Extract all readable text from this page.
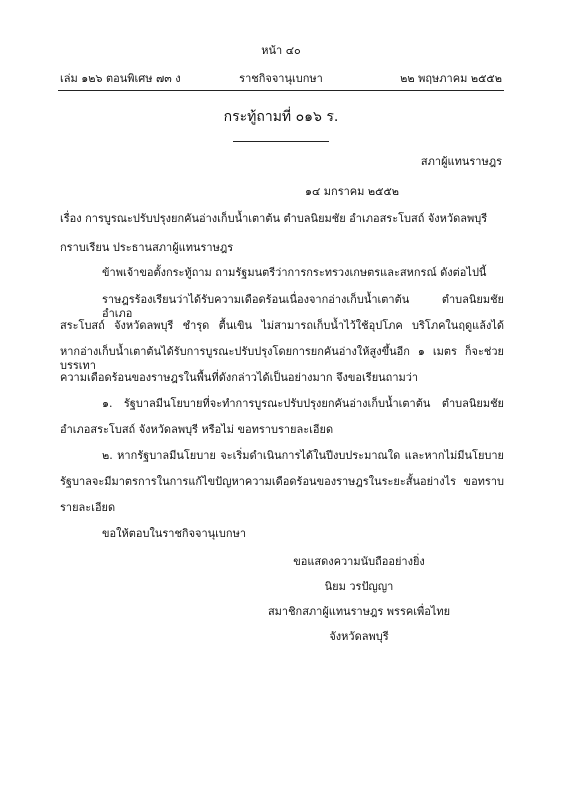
หน้า ๔๐
เล่ม ๑๒๖ ตอนพิเศษ ๗๓ ง	ราชกิจจานุเบกษา	๒๒ พฤษภาคม ๒๕๕๒
กระทู้ถามที่ ๐๑๖ ร.
สภาผู้แทนราษฎร
๑๔ มกราคม ๒๕๕๒
เรื่อง การบูรณะปรับปรุงยกคันอ่างเก็บน้ำเตาต้น ตำบลนิยมชัย อำเภอสระโบสถ์ จังหวัดลพบุรี
กราบเรียน ประธานสภาผู้แทนราษฎร
ข้าพเจ้าขอตั้งกระทู้ถาม ถามรัฐมนตรีว่าการกระทรวงเกษตรและสหกรณ์ ดังต่อไปนี้
ราษฎรร้องเรียนว่าได้รับความเดือดร้อนเนื่องจากอ่างเก็บน้ำเตาต้น ตำบลนิยมชัย อำเภอ
สระโบสถ์ จังหวัดลพบุรี ชำรุด ตื้นเขิน ไม่สามารถเก็บน้ำไว้ใช้อุปโภค บริโภคในฤดูแล้งได้
หากอ่างเก็บน้ำเตาต้นได้รับการบูรณะปรับปรุงโดยการยกคันอ่างให้สูงขึ้นอีก ๑ เมตร ก็จะช่วยบรรเทา
ความเดือดร้อนของราษฎรในพื้นที่ดังกล่าวได้เป็นอย่างมาก จึงขอเรียนถามว่า
๑. รัฐบาลมีนโยบายที่จะทำการบูรณะปรับปรุงยกคันอ่างเก็บน้ำเตาต้น ตำบลนิยมชัย
อำเภอสระโบสถ์ จังหวัดลพบุรี หรือไม่ ขอทราบรายละเอียด
๒. หากรัฐบาลมีนโยบาย จะเริ่มดำเนินการได้ในปีงบประมาณใด และหากไม่มีนโยบาย
รัฐบาลจะมีมาตรการในการแก้ไขปัญหาความเดือดร้อนของราษฎรในระยะสั้นอย่างไร ขอทราบ
รายละเอียด
ขอให้ตอบในราชกิจจานุเบกษา
ขอแสดงความนับถืออย่างยิ่ง
นิยม วรปัญญา
สมาชิกสภาผู้แทนราษฎร พรรคเพื่อไทย
จังหวัดลพบุรี
